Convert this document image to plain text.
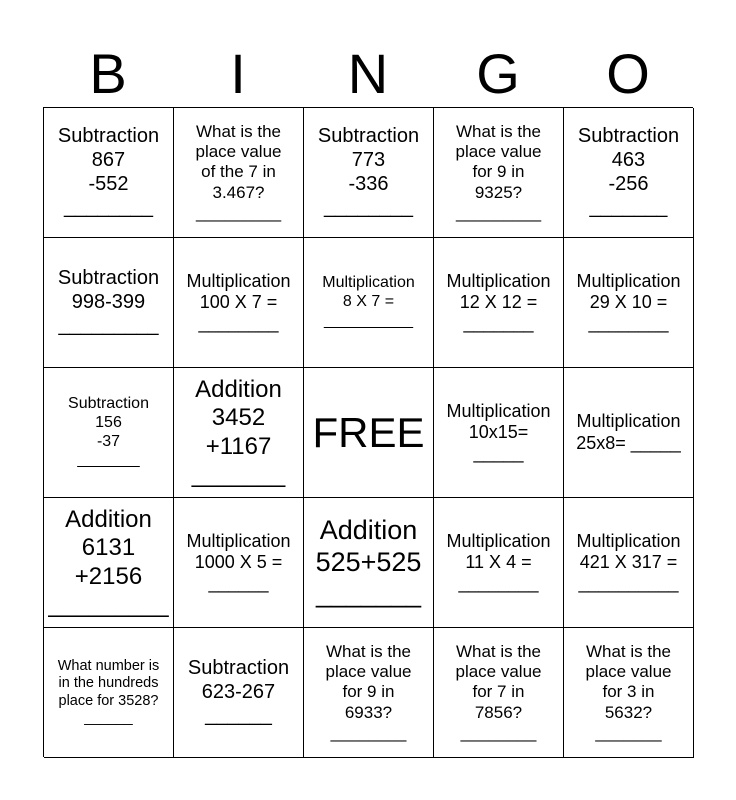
B	I	N	G	O
Subtraction
867
-552
________
What is the
place value
of the 7 in
3.467?
_________
Subtraction
773
-336
________
What is the
place value
for 9 in
9325?
_________
Subtraction
463
-256
_______
Subtraction
998-399
_________
Multiplication
100 X 7 =
________
Multiplication
8 X 7 =
__________
Multiplication
12 X 12 =
_______
Multiplication
29 X 10 =
________
Subtraction
156
-37
_______
Addition
3452
+1167
_______
FREE Multiplication
10x15=
_____
Multiplication
25x8= _____
Addition
6131
+2156
_________
Multiplication
1000 X 5 =
______
Addition
525+525
_______
Multiplication
11 X 4 =
________
Multiplication
421 X 317 =
__________
What number is
in the hundreds
place for 3528?
______
Subtraction
623-267
______
What is the
place value
for 9 in
6933?
________
What is the
place value
for 7 in
7856?
________
What is the
place value
for 3 in
5632?
_______
